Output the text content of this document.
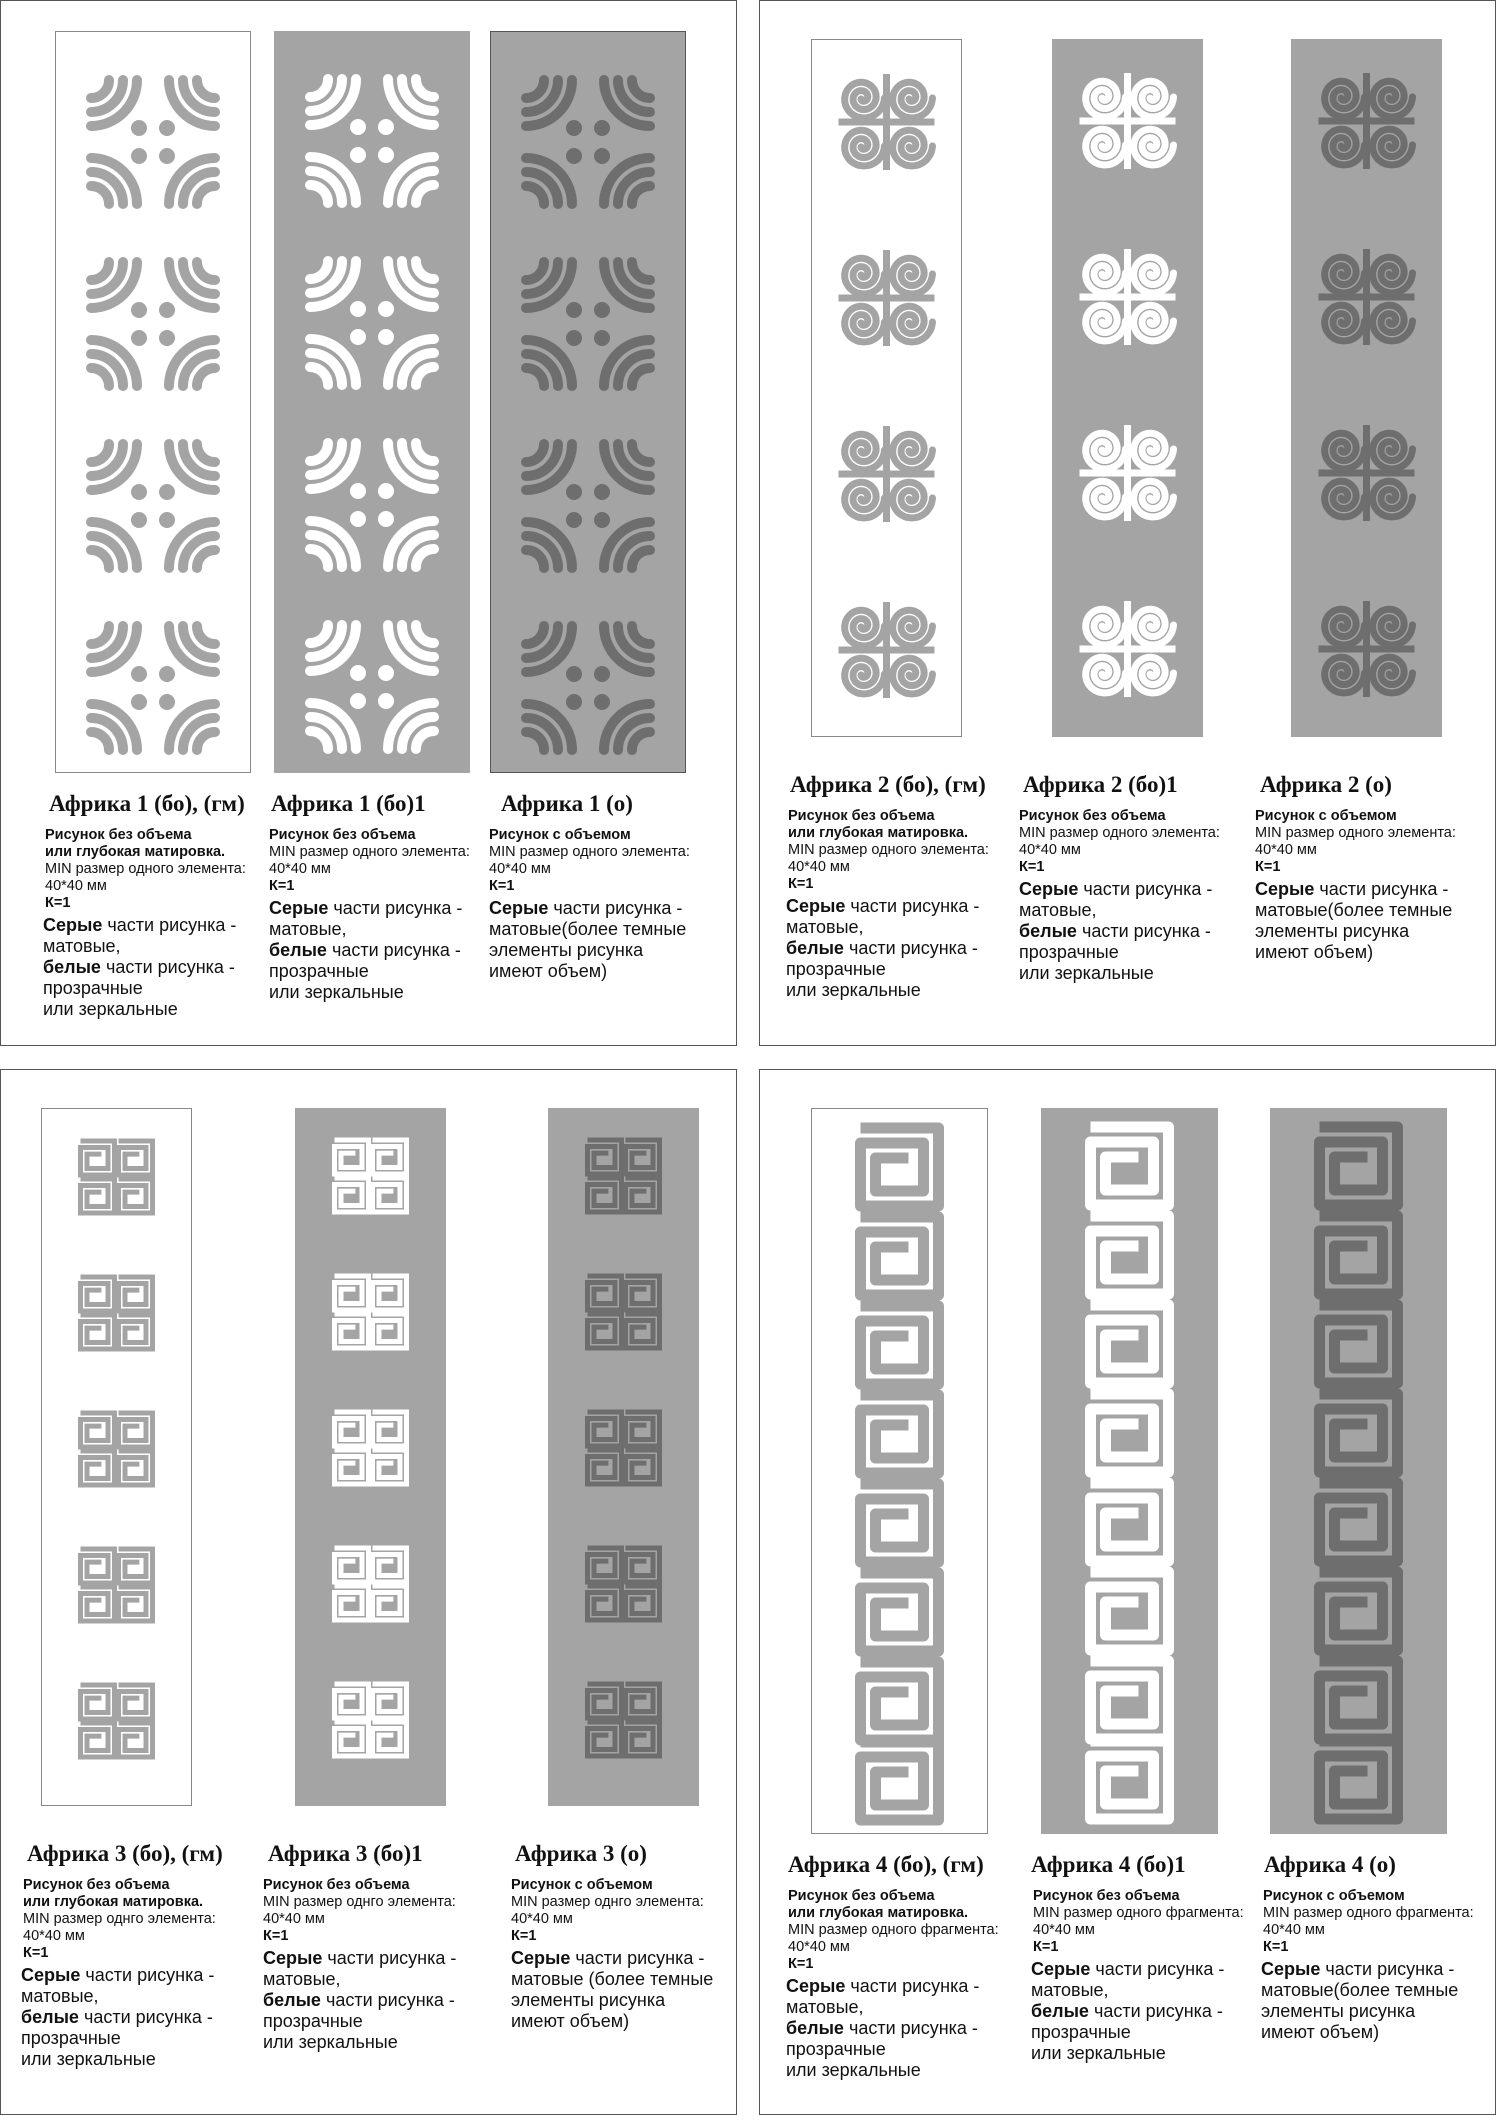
Африка 1 (бо), (гм)
Рисунок без объема
или глубокая матировка.
MIN размер одного элемента:
40*40 мм
К=1
Серые части рисунка -
матовые,
белые части рисунка -
прозрачные
или зеркальные
Африка 1 (бо)1
Рисунок без объема
MIN размер одного элемента:
40*40 мм
К=1
Серые части рисунка -
матовые,
белые части рисунка -
прозрачные
или зеркальные
Африка 1 (о)
Рисунок с объемом
MIN размер одного элемента:
40*40 мм
К=1
Серые части рисунка -
матовые(более темные
элементы рисунка
имеют объем)
Африка 2 (бо), (гм)
Рисунок без объема
или глубокая матировка.
MIN размер одного элемента:
40*40 мм
К=1
Серые части рисунка -
матовые,
белые части рисунка -
прозрачные
или зеркальные
Африка 2 (бо)1
Рисунок без объема
MIN размер одного элемента:
40*40 мм
К=1
Серые части рисунка -
матовые,
белые части рисунка -
прозрачные
или зеркальные
Африка 2 (о)
Рисунок с объемом
MIN размер одного элемента:
40*40 мм
К=1
Серые части рисунка -
матовые(более темные
элементы рисунка
имеют объем)
Африка 3 (бо), (гм)
Рисунок без объема
или глубокая матировка.
MIN размер однго элемента:
40*40 мм
К=1
Серые части рисунка -
матовые,
белые части рисунка -
прозрачные
или зеркальные
Африка 3 (бо)1
Рисунок без объема
MIN размер однго элемента:
40*40 мм
К=1
Серые части рисунка -
матовые,
белые части рисунка -
прозрачные
или зеркальные
Африка 3 (о)
Рисунок с объемом
MIN размер однго элемента:
40*40 мм
К=1
Серые части рисунка -
матовые (более темные
элементы рисунка
имеют объем)
Африка 4 (бо), (гм)
Рисунок без объема
или глубокая матировка.
MIN размер одного фрагмента:
40*40 мм
К=1
Серые части рисунка -
матовые,
белые части рисунка -
прозрачные
или зеркальные
Африка 4 (бо)1
Рисунок без объема
MIN размер одного фрагмента:
40*40 мм
К=1
Серые части рисунка -
матовые,
белые части рисунка -
прозрачные
или зеркальные
Африка 4 (о)
Рисунок с объемом
MIN размер одного фрагмента:
40*40 мм
К=1
Серые части рисунка -
матовые(более темные
элементы рисунка
имеют объем)
